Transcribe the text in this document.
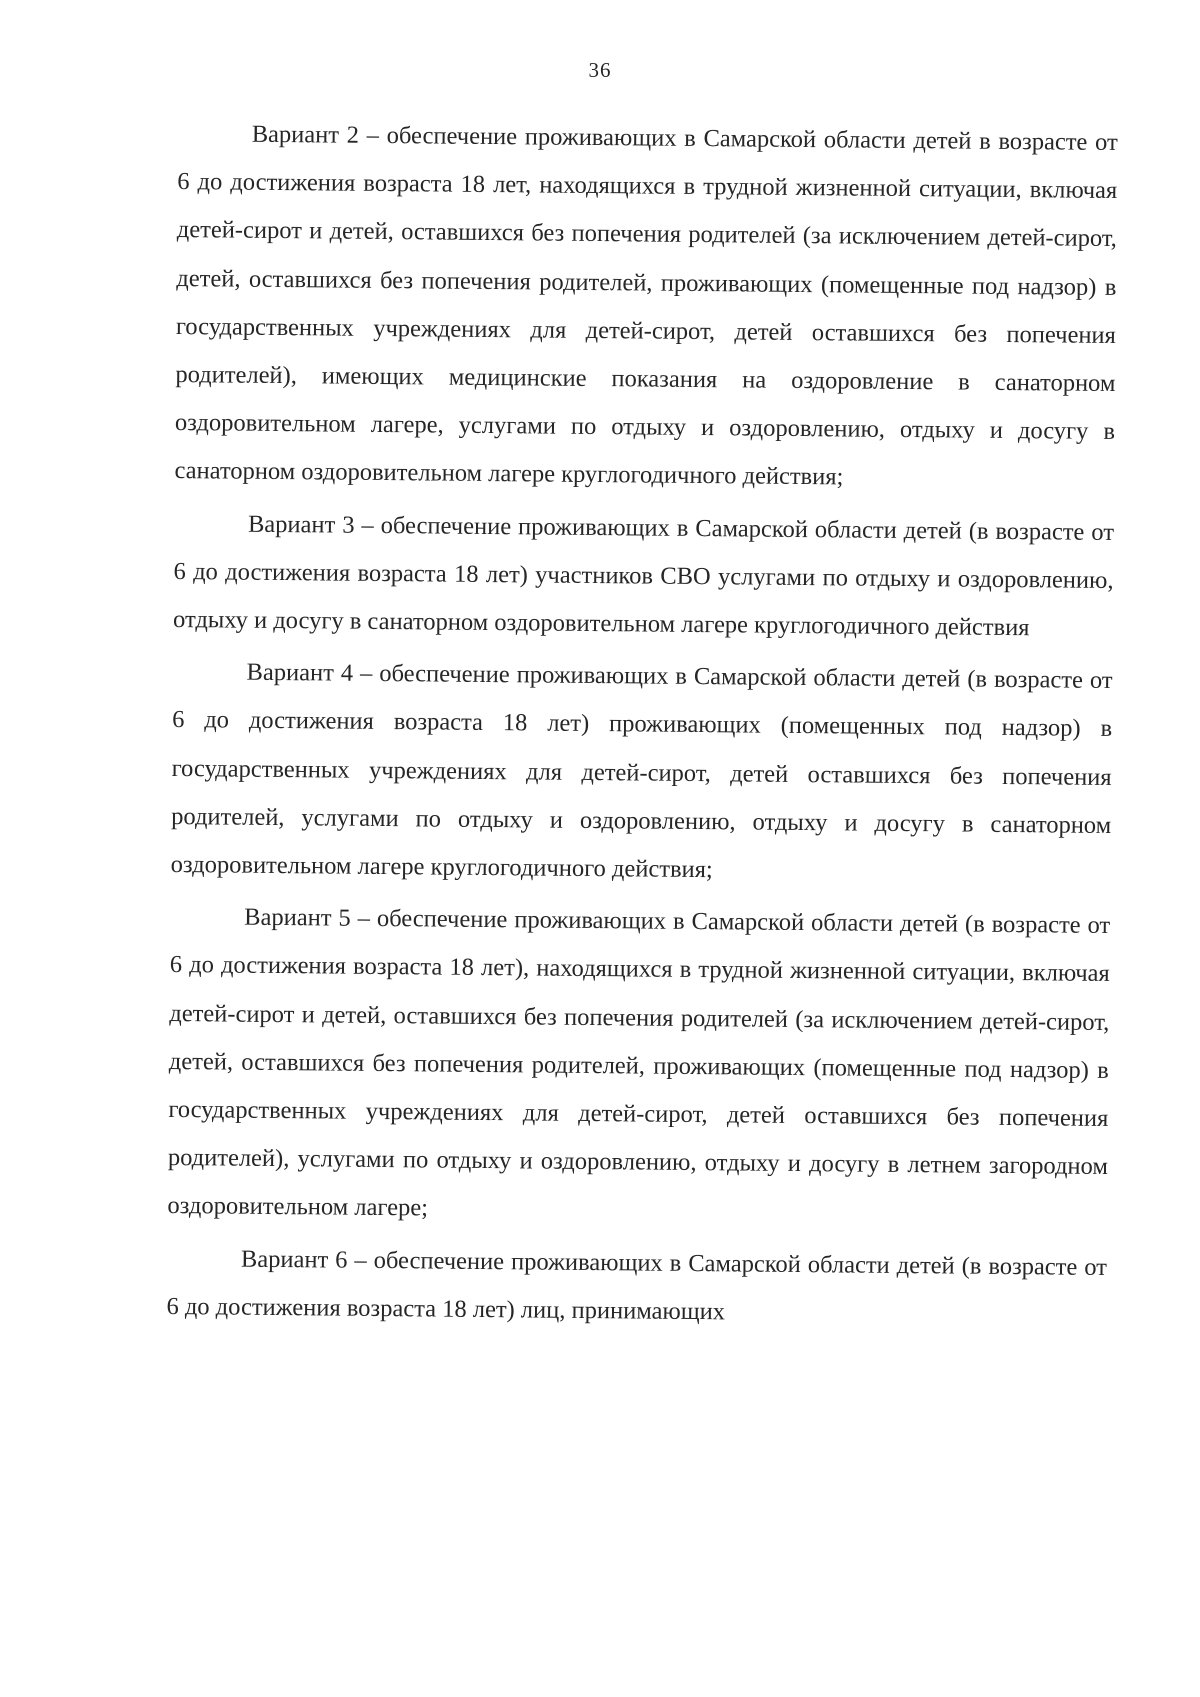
36

Вариант 2 – обеспечение проживающих в Самарской области детей в возрасте от 6 до достижения возраста 18 лет, находящихся в трудной жизненной ситуации, включая детей-сирот и детей, оставшихся без попечения родителей (за исключением детей-сирот, детей, оставшихся без попечения родителей, проживающих (помещенные под надзор) в государственных учреждениях для детей-сирот, детей оставшихся без попечения родителей), имеющих медицинские показания на оздоровление в санаторном оздоровительном лагере, услугами по отдыху и оздоровлению, отдыху и досугу в санаторном оздоровительном лагере круглогодичного действия;

Вариант 3 – обеспечение проживающих в Самарской области детей (в возрасте от 6 до достижения возраста 18 лет) участников СВО услугами по отдыху и оздоровлению, отдыху и досугу в санаторном оздоровительном лагере круглогодичного действия

Вариант 4 – обеспечение проживающих в Самарской области детей (в возрасте от 6 до достижения возраста 18 лет) проживающих (помещенных под надзор) в государственных учреждениях для детей-сирот, детей оставшихся без попечения родителей, услугами по отдыху и оздоровлению, отдыху и досугу в санаторном оздоровительном лагере круглогодичного действия;

Вариант 5 – обеспечение проживающих в Самарской области детей (в возрасте от 6 до достижения возраста 18 лет), находящихся в трудной жизненной ситуации, включая детей-сирот и детей, оставшихся без попечения родителей (за исключением детей-сирот, детей, оставшихся без попечения родителей, проживающих (помещенные под надзор) в государственных учреждениях для детей-сирот, детей оставшихся без попечения родителей), услугами по отдыху и оздоровлению, отдыху и досугу в летнем загородном оздоровительном лагере;

Вариант 6 – обеспечение проживающих в Самарской области детей (в возрасте от 6 до достижения возраста 18 лет) лиц, принимающих
